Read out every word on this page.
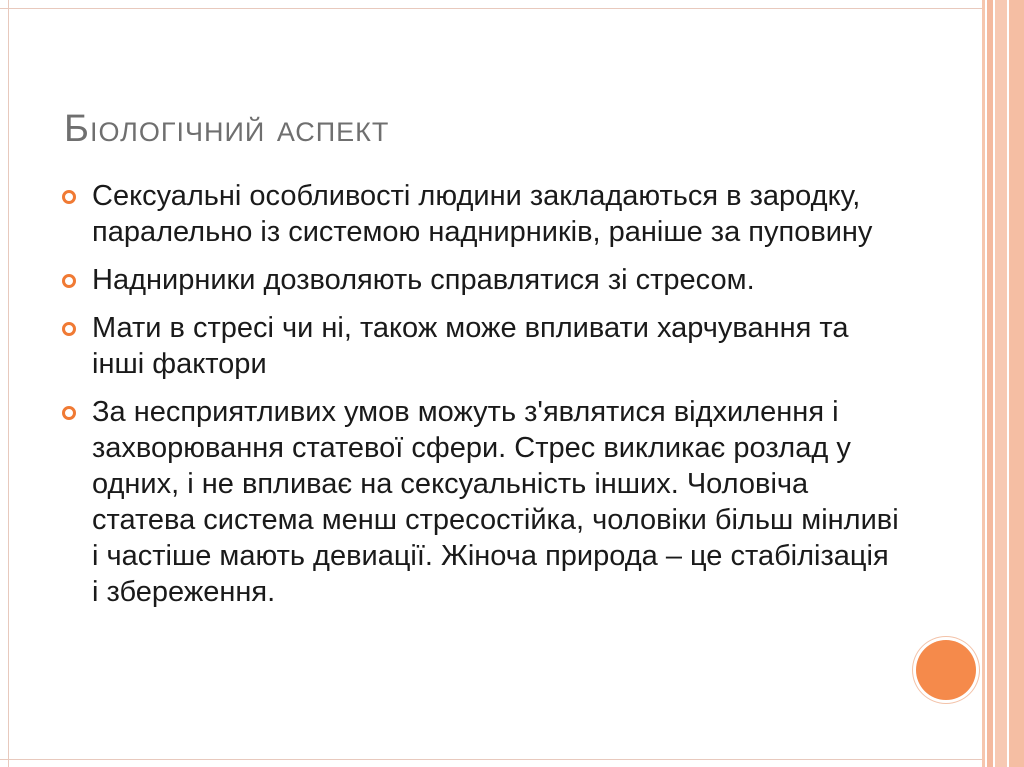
Біологічний аспект
Сексуальні особливості людини закладаються в зародку, паралельно із системою наднирників, раніше за пуповину
Наднирники дозволяють справлятися зі стресом.
Мати в стресі чи ні, також може впливати харчування та інші фактори
За несприятливих умов можуть з'являтися відхилення і захворювання статевої сфери. Стрес викликає розлад у одних, і не впливає на сексуальність інших. Чоловіча статева система менш стресостійка, чоловіки більш мінливі і частіше мають девиації. Жіноча природа – це стабілізація і збереження.
